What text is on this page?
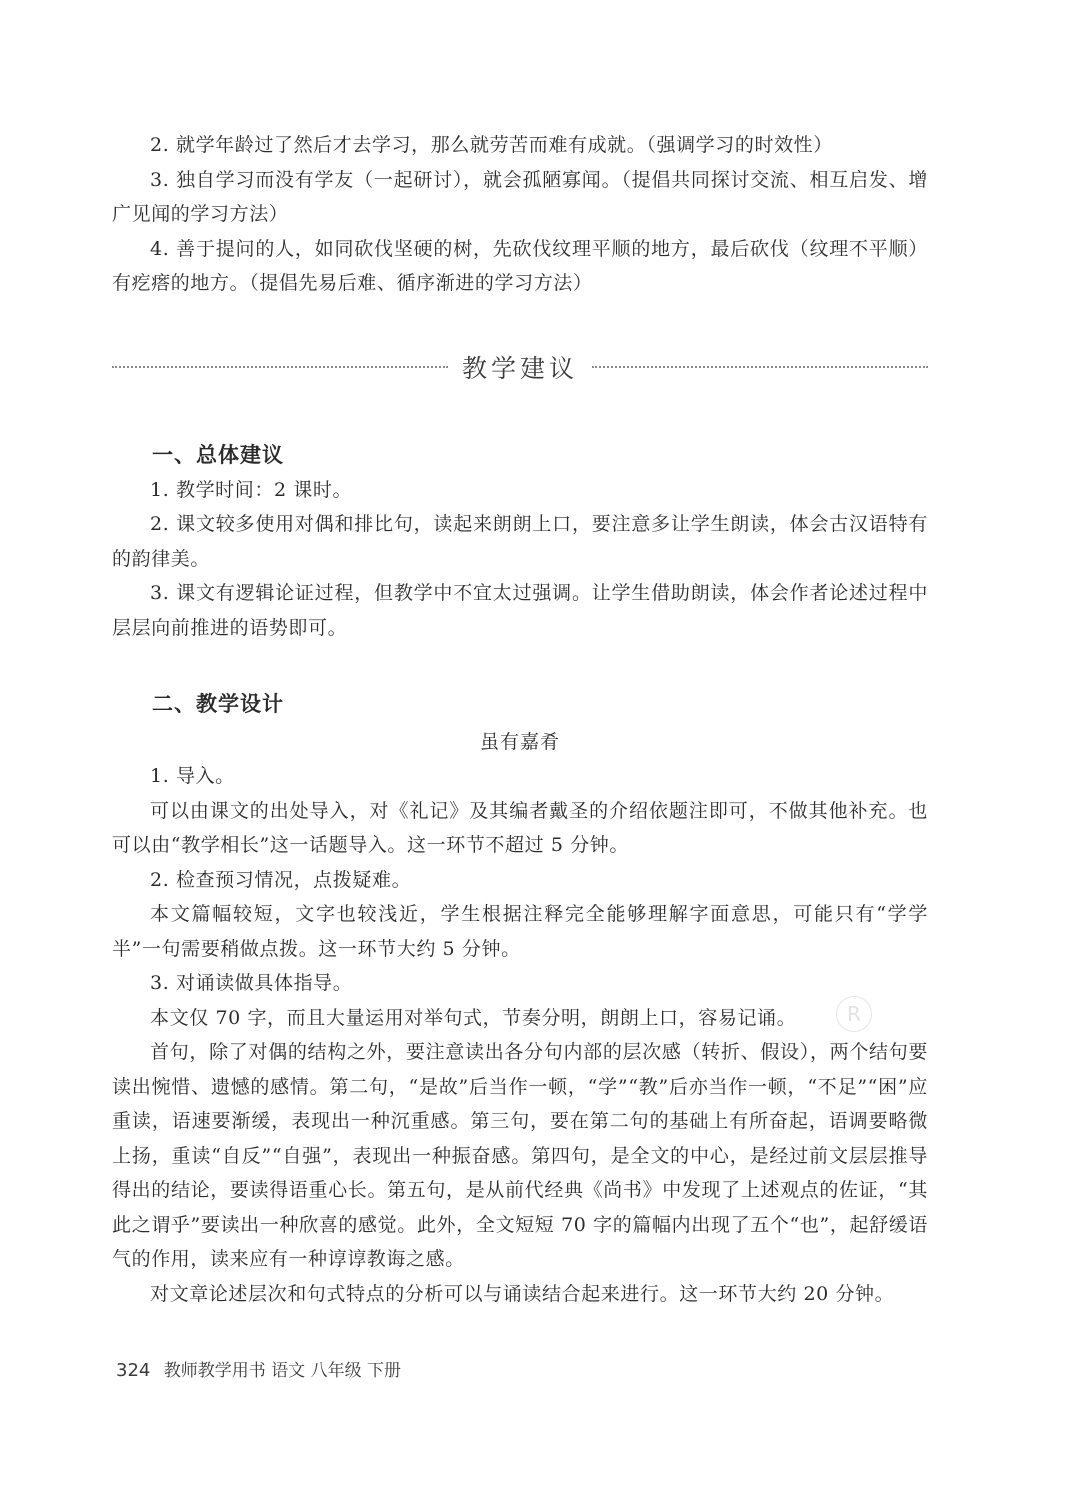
2. 就学年龄过了然后才去学习，那么就劳苦而难有成就。（强调学习的时效性）

3. 独自学习而没有学友（一起研讨），就会孤陋寡闻。（提倡共同探讨交流、相互启发、增广见闻的学习方法）

4. 善于提问的人，如同砍伐坚硬的树，先砍伐纹理平顺的地方，最后砍伐（纹理不平顺）有疙瘩的地方。（提倡先易后难、循序渐进的学习方法）

教学建议
一、总体建议

1. 教学时间：2 课时。

2. 课文较多使用对偶和排比句，读起来朗朗上口，要注意多让学生朗读，体会古汉语特有的韵律美。

3. 课文有逻辑论证过程，但教学中不宜太过强调。让学生借助朗读，体会作者论述过程中层层向前推进的语势即可。

二、教学设计

虽有嘉肴

1. 导入。

可以由课文的出处导入，对《礼记》及其编者戴圣的介绍依题注即可，不做其他补充。也可以由“教学相长”这一话题导入。这一环节不超过 5 分钟。

2. 检查预习情况，点拨疑难。

本文篇幅较短，文字也较浅近，学生根据注释完全能够理解字面意思，可能只有“学学半”一句需要稍做点拨。这一环节大约 5 分钟。

3. 对诵读做具体指导。

本文仅 70 字，而且大量运用对举句式，节奏分明，朗朗上口，容易记诵。

首句，除了对偶的结构之外，要注意读出各分句内部的层次感（转折、假设），两个结句要读出惋惜、遗憾的感情。第二句，“是故”后当作一顿，“学”“教”后亦当作一顿，“不足”“困”应重读，语速要渐缓，表现出一种沉重感。第三句，要在第二句的基础上有所奋起，语调要略微上扬，重读“自反”“自强”，表现出一种振奋感。第四句，是全文的中心，是经过前文层层推导得出的结论，要读得语重心长。第五句，是从前代经典《尚书》中发现了上述观点的佐证，“其此之谓乎”要读出一种欣喜的感觉。此外，全文短短 70 字的篇幅内出现了五个“也”，起舒缓语气的作用，读来应有一种谆谆教诲之感。

对文章论述层次和句式特点的分析可以与诵读结合起来进行。这一环节大约 20 分钟。

R
324 教师教学用书 语文 八年级 下册
